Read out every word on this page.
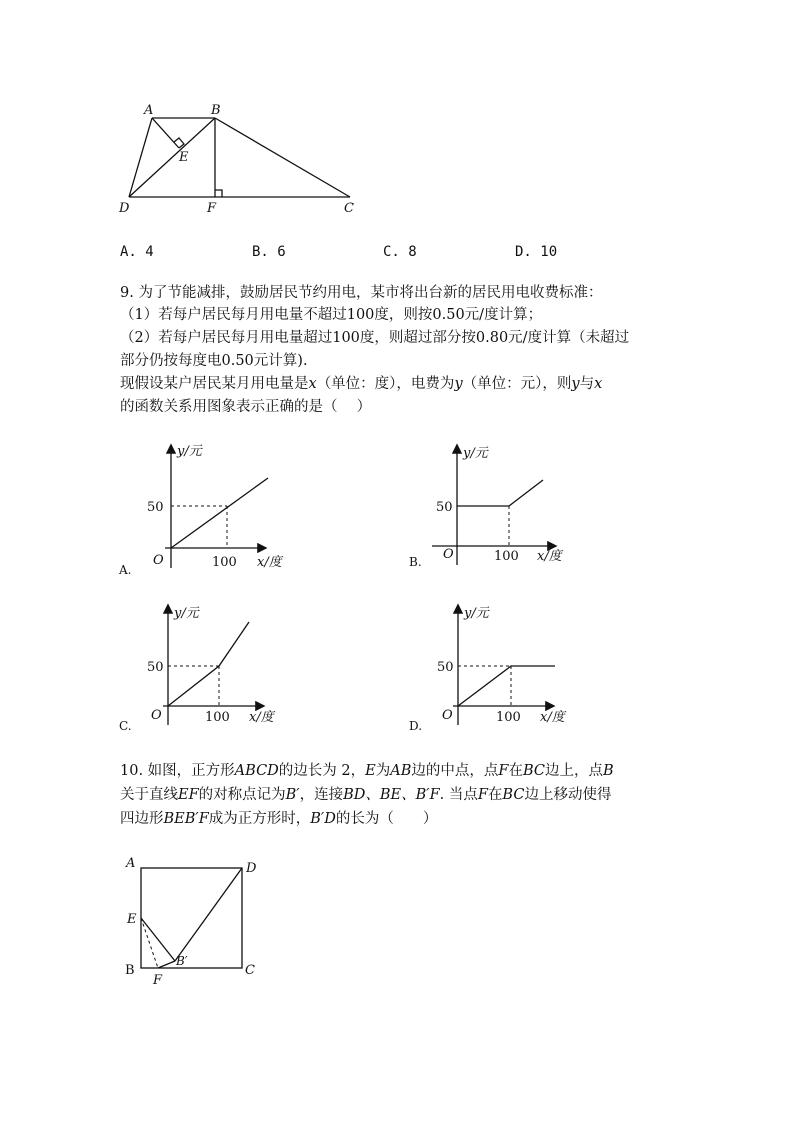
A	B
E
D	F	C
A. 4	B. 6	C. 8	D. 10
9. 为了节能减排，鼓励居民节约用电，某市将出台新的居民用电收费标准：
（1）若每户居民每月用电量不超过100度，则按0.50元/度计算；
（2）若每户居民每月用电量超过100度，则超过部分按0.80元/度计算（未超过
部分仍按每度电0.50元计算).
现假设某户居民某月用电量是x（单位：度），电费为y（单位：元），则y与x
的函数关系用图象表示正确的是（　 ）
y/元
50
O	100 x/度
A.
y/元
50
O	100 x/度
B.
y/元
50
O	100 x/度
C.
y/元
50
O	100 x/度
D.
10. 如图，正方形ABCD的边长为 2，E为AB边的中点，点F在BC边上，点B
关于直线EF的对称点记为B′，连接BD、BE、B′F. 当点F在BC边上移动使得
四边形BEB′F成为正方形时，B′D的长为（　　）
A	D
E
B
B′
C
F
